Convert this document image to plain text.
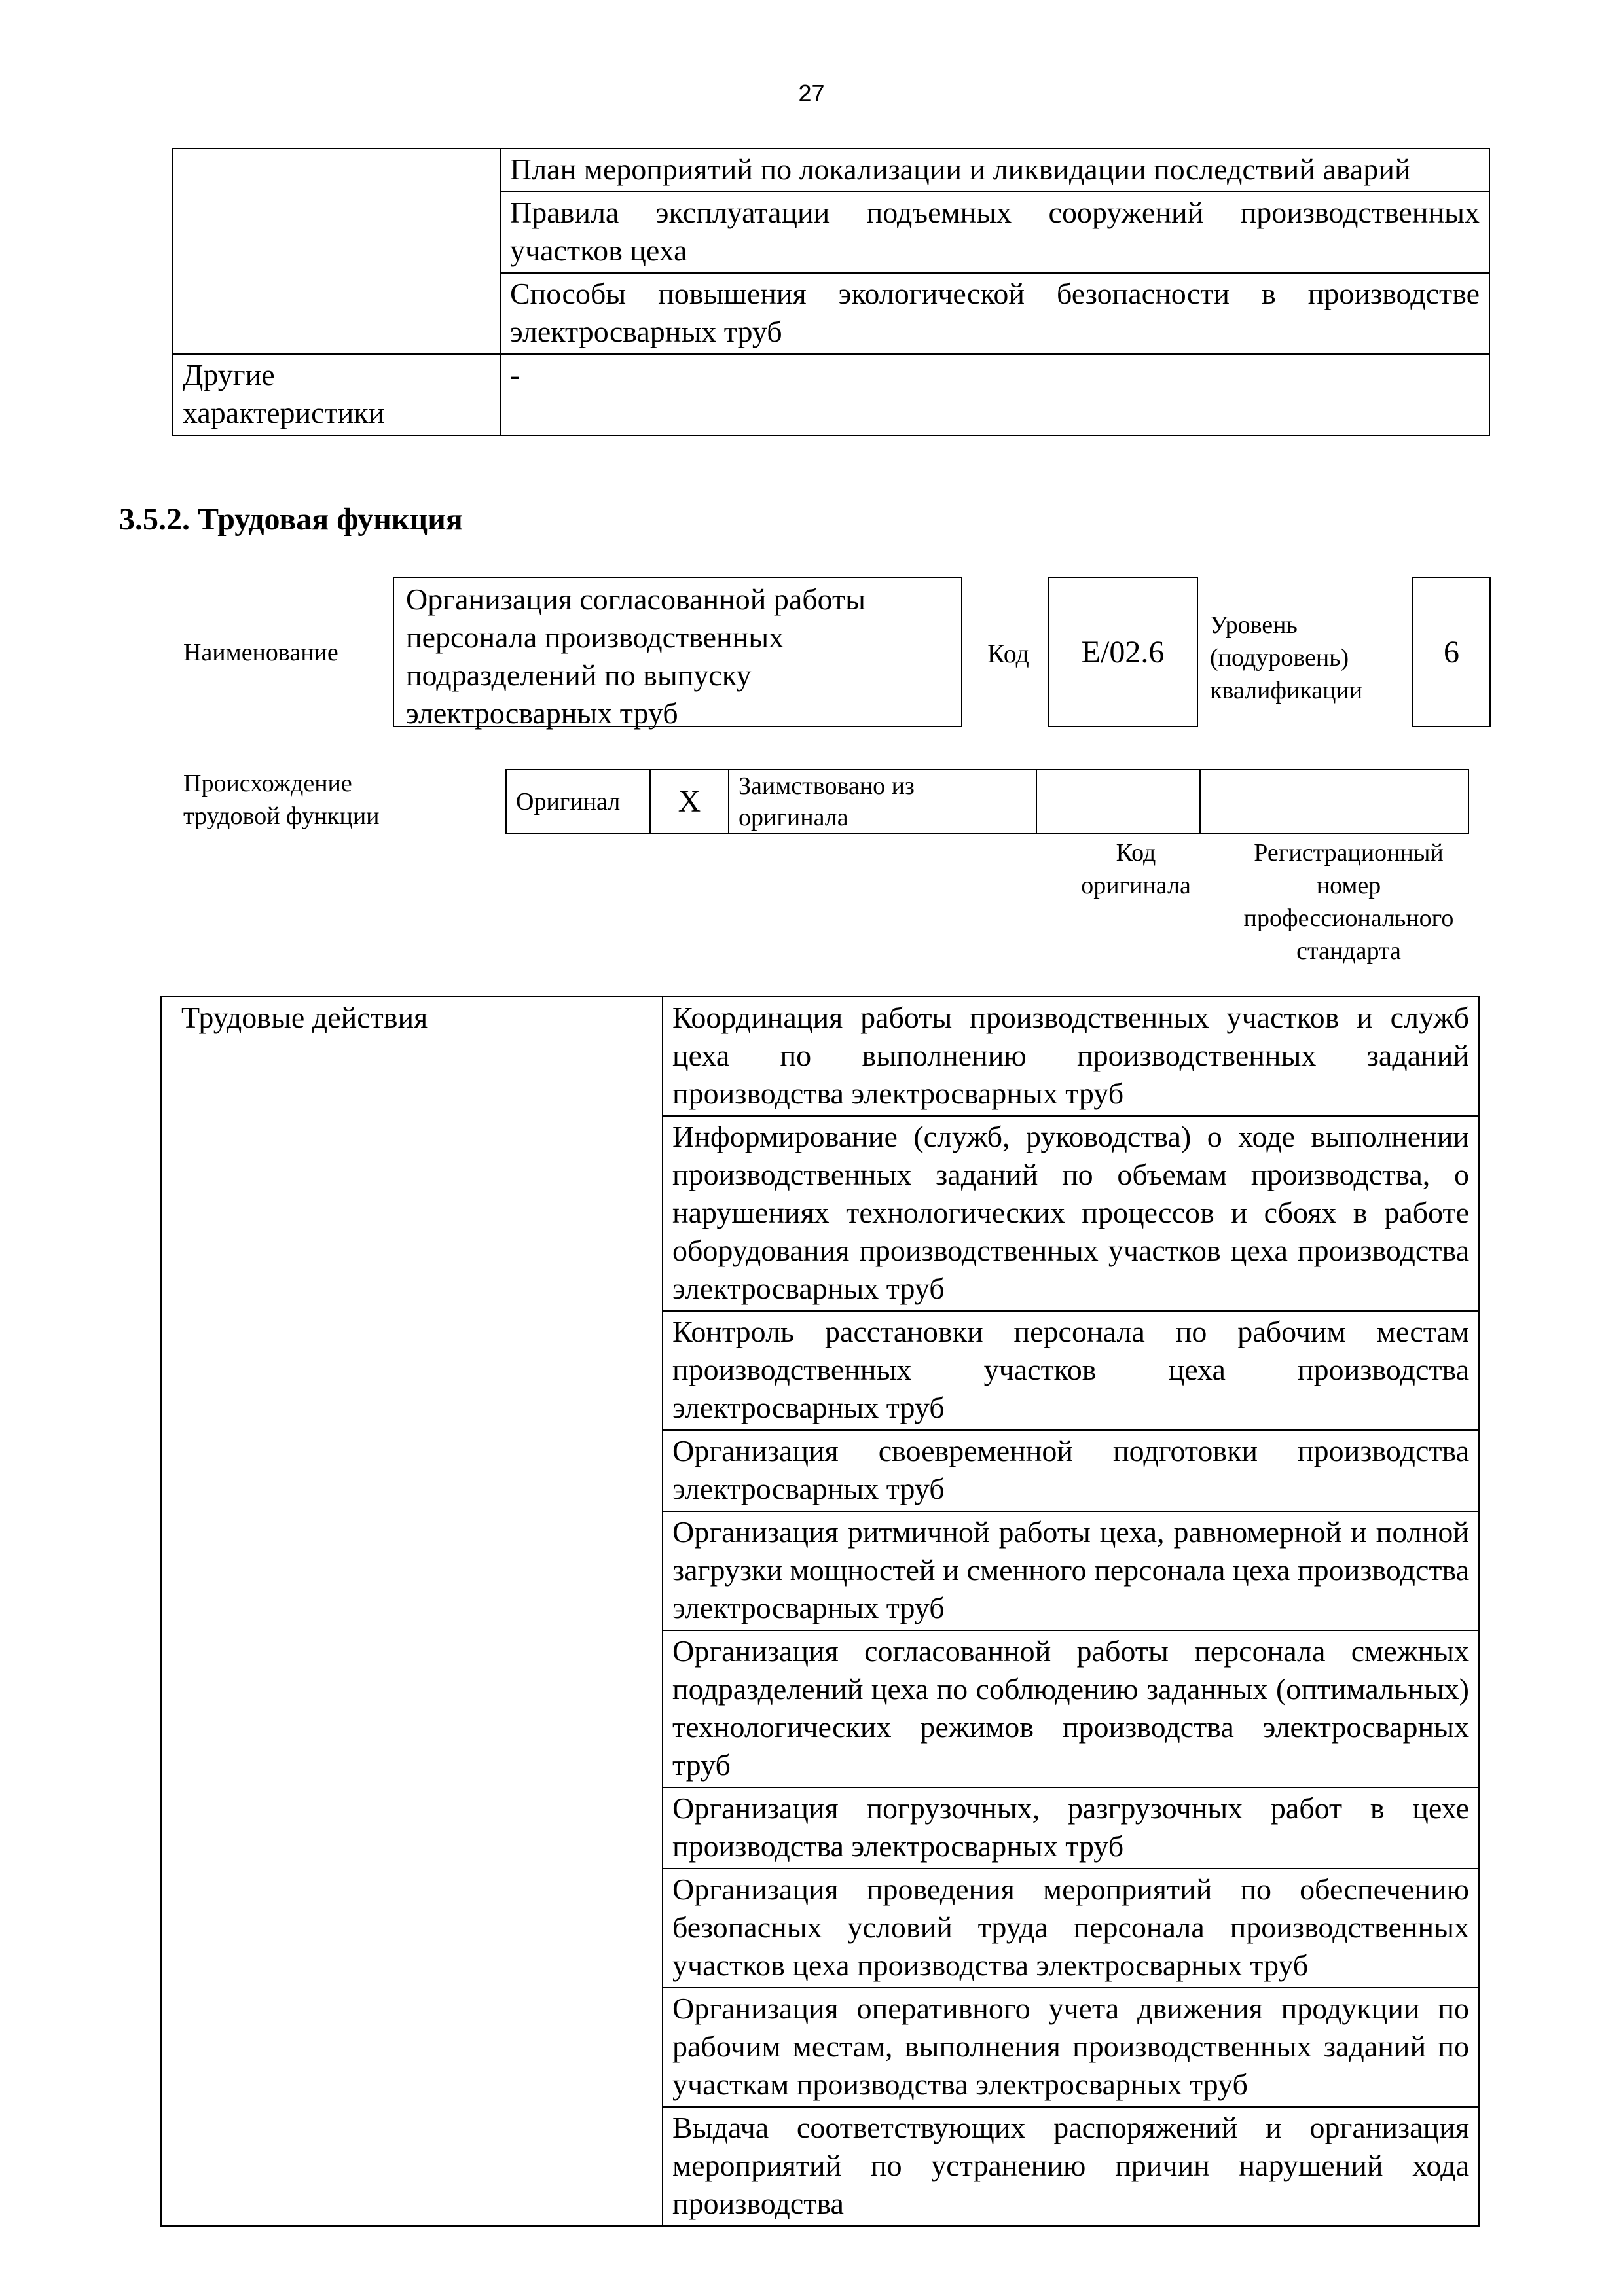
27
	План мероприятий по локализации и ликвидации последствий аварий
	Правила эксплуатации подъемных сооружений производственных участков цеха
	Способы повышения экологической безопасности в производстве электросварных труб
Другие характеристики	-
3.5.2. Трудовая функция
Наименование
Организация согласованной работы персонала производственных подразделений по выпуску электросварных труб
Код	E/02.6
Уровень
(подуровень)
квалификации
6
Происхождение
трудовой функции
Оригинал	X	Заимствовано из оригинала		
Код
оригинала
Регистрационный
номер
профессионального
стандарта
Трудовые действия	Координация работы производственных участков и служб цеха по выполнению производственных заданий производства электросварных труб
Информирование (служб, руководства) о ходе выполнении производственных заданий по объемам производства, о нарушениях технологических процессов и сбоях в работе оборудования производственных участков цеха производства электросварных труб
Контроль расстановки персонала по рабочим местам производственных участков цеха производства электросварных труб
Организация своевременной подготовки производства электросварных труб
Организация ритмичной работы цеха, равномерной и полной загрузки мощностей и сменного персонала цеха производства электросварных труб
Организация согласованной работы персонала смежных подразделений цеха по соблюдению заданных (оптимальных) технологических режимов производства электросварных труб
Организация погрузочных, разгрузочных работ в цехе производства электросварных труб
Организация проведения мероприятий по обеспечению безопасных условий труда персонала производственных участков цеха производства электросварных труб
Организация оперативного учета движения продукции по рабочим местам, выполнения производственных заданий по участкам производства электросварных труб
Выдача соответствующих распоряжений и организация мероприятий по устранению причин нарушений хода производства
